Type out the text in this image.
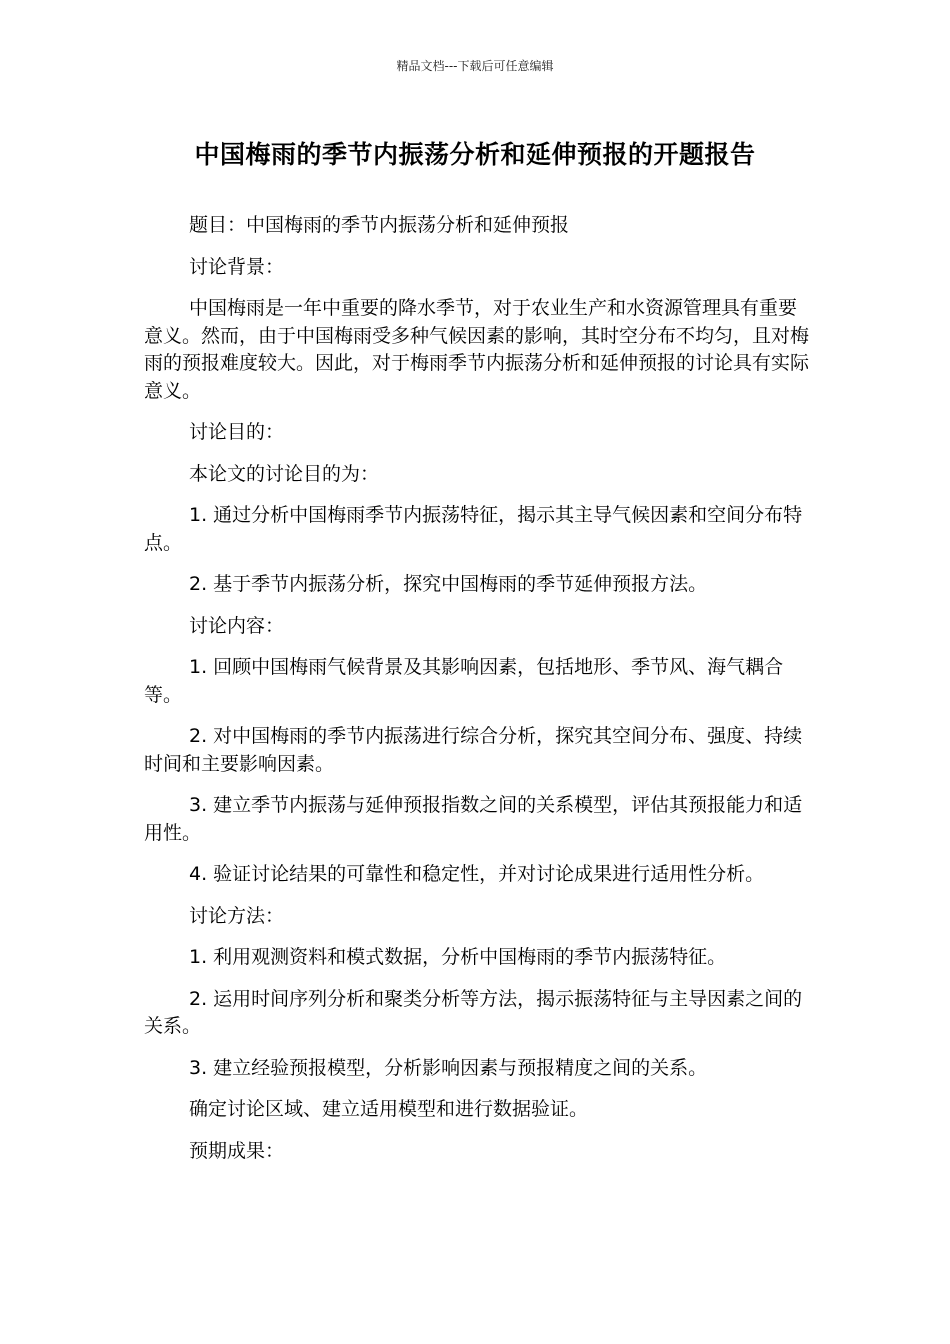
精品文档---下载后可任意编辑
中国梅雨的季节内振荡分析和延伸预报的开题报告

题目：中国梅雨的季节内振荡分析和延伸预报

讨论背景：

中国梅雨是一年中重要的降水季节，对于农业生产和水资源管理具有重要意义。然而，由于中国梅雨受多种气候因素的影响，其时空分布不均匀，且对梅雨的预报难度较大。因此，对于梅雨季节内振荡分析和延伸预报的讨论具有实际意义。

讨论目的：

本论文的讨论目的为：

1. 通过分析中国梅雨季节内振荡特征，揭示其主导气候因素和空间分布特点。

2. 基于季节内振荡分析，探究中国梅雨的季节延伸预报方法。

讨论内容：

1. 回顾中国梅雨气候背景及其影响因素，包括地形、季节风、海气耦合等。

2. 对中国梅雨的季节内振荡进行综合分析，探究其空间分布、强度、持续时间和主要影响因素。

3. 建立季节内振荡与延伸预报指数之间的关系模型，评估其预报能力和适用性。

4. 验证讨论结果的可靠性和稳定性，并对讨论成果进行适用性分析。

讨论方法：

1. 利用观测资料和模式数据，分析中国梅雨的季节内振荡特征。

2. 运用时间序列分析和聚类分析等方法，揭示振荡特征与主导因素之间的关系。

3. 建立经验预报模型，分析影响因素与预报精度之间的关系。

确定讨论区域、建立适用模型和进行数据验证。

预期成果：
